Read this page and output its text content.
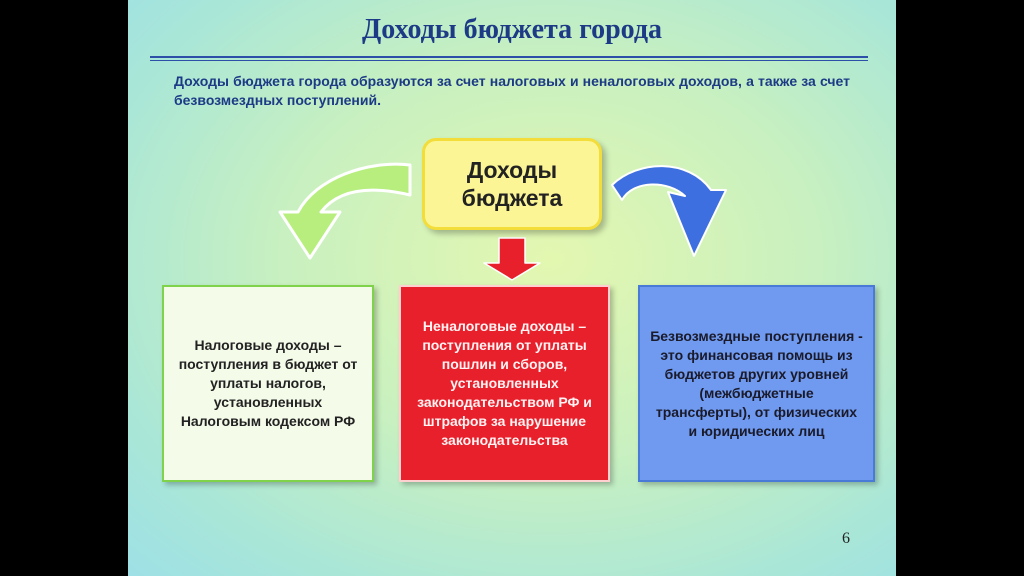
Доходы бюджета города
Доходы бюджета города образуются за счет налоговых и неналоговых доходов, а также за счет безвозмездных поступлений.
Доходы бюджета
Налоговые доходы – поступления в бюджет от уплаты налогов, установленных Налоговым кодексом РФ
Неналоговые доходы – поступления от уплаты пошлин и сборов, установленных законодательством РФ и штрафов за нарушение законодательства
Безвозмездные поступления - это финансовая помощь из бюджетов других уровней (межбюджетные трансферты), от физических и юридических лиц
6
